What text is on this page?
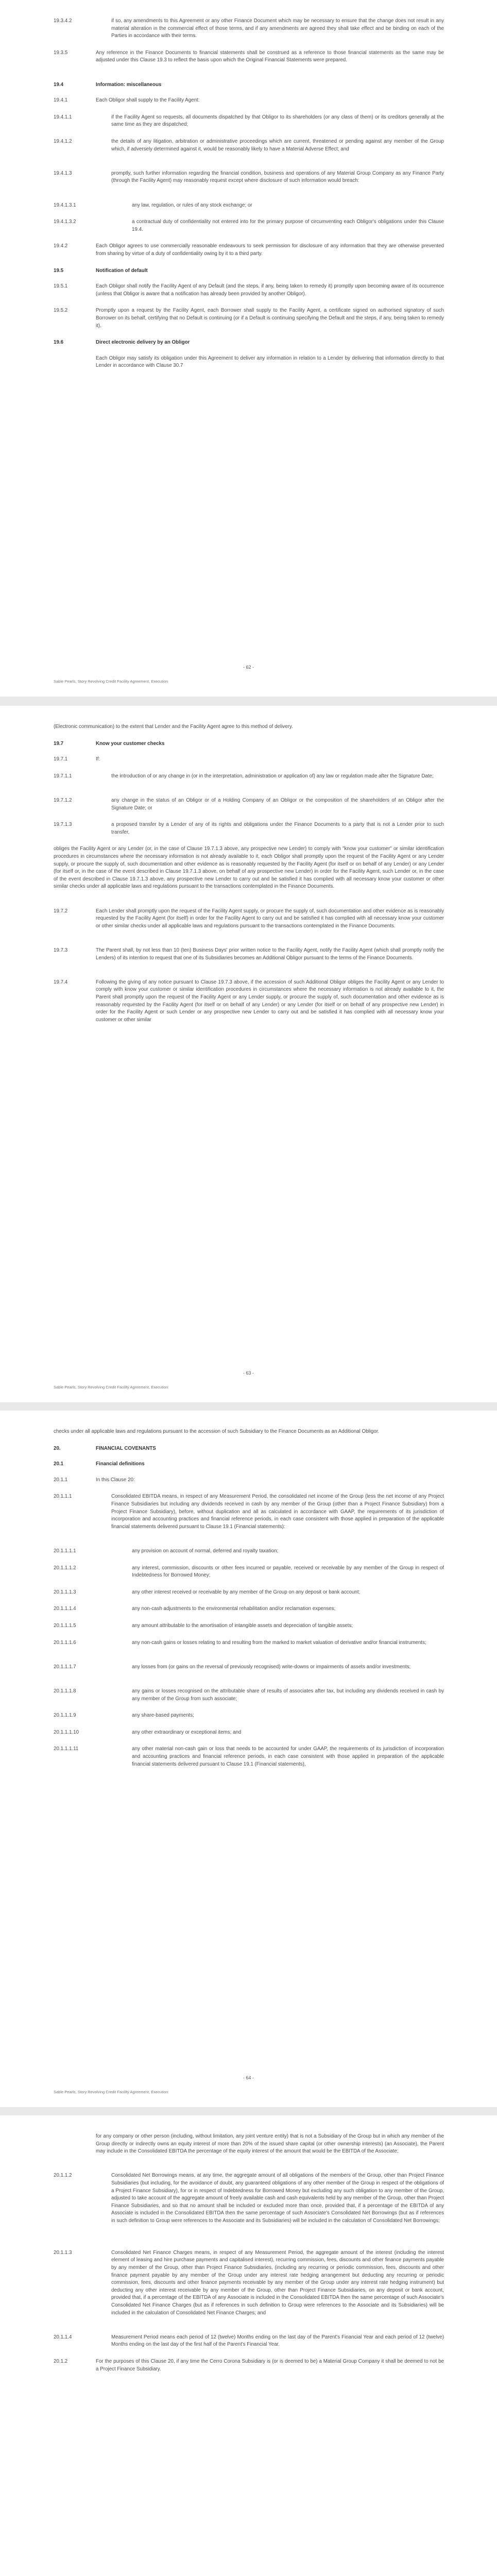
19.3.4.2	if so, any amendments to this Agreement or any other Finance Document which may be necessary to ensure that the change does not result in any material alteration in the commercial effect of those terms, and if any amendments are agreed they shall take effect and be binding on each of the Parties in accordance with their terms.
19.3.5	Any reference in the Finance Documents to financial statements shall be construed as a reference to those financial statements as the same may be adjusted under this Clause 19.3 to reflect the basis upon which the Original Financial Statements were prepared.
19.4	Information: miscellaneous
19.4.1	Each Obligor shall supply to the Facility Agent:
19.4.1.1	if the Facility Agent so requests, all documents dispatched by that Obligor to its shareholders (or any class of them) or its creditors generally at the same time as they are dispatched;
19.4.1.2	the details of any litigation, arbitration or administrative proceedings which are current, threatened or pending against any member of the Group which, if adversely determined against it, would be reasonably likely to have a Material Adverse Effect; and
19.4.1.3	promptly, such further information regarding the financial condition, business and operations of any Material Group Company as any Finance Party (through the Facility Agent) may reasonably request except where disclosure of such information would breach:
19.4.1.3.1	any law, regulation, or rules of any stock exchange; or
19.4.1.3.2	a contractual duty of confidentiality not entered into for the primary purpose of circumventing each Obligor's obligations under this Clause 19.4.
19.4.2	Each Obligor agrees to use commercially reasonable endeavours to seek permission for disclosure of any information that they are otherwise prevented from sharing by virtue of a duty of confidentiality owing by it to a third party.
19.5	Notification of default
19.5.1	Each Obligor shall notify the Facility Agent of any Default (and the steps, if any, being taken to remedy it) promptly upon becoming aware of its occurrence (unless that Obligor is aware that a notification has already been provided by another Obligor).
19.5.2	Promptly upon a request by the Facility Agent, each Borrower shall supply to the Facility Agent, a certificate signed on authorised signatory of such Borrower on its behalf, certifying that no Default is continuing (or if a Default is continuing specifying the Default and the steps, if any, being taken to remedy it).
19.6	Direct electronic delivery by an Obligor
Each Obligor may satisfy its obligation under this Agreement to deliver any information in relation to a Lender by delivering that information directly to that Lender in accordance with Clause 30.7
- 62 -
Sable Pearls, Story Revolving Credit Facility Agreement, Execution
(Electronic communication) to the extent that Lender and the Facility Agent agree to this method of delivery.
19.7	Know your customer checks
19.7.1	If:
19.7.1.1	the introduction of or any change in (or in the interpretation, administration or application of) any law or regulation made after the Signature Date;
19.7.1.2	any change in the status of an Obligor or of a Holding Company of an Obligor or the composition of the shareholders of an Obligor after the Signature Date; or
19.7.1.3	a proposed transfer by a Lender of any of its rights and obligations under the Finance Documents to a party that is not a Lender prior to such transfer,
obliges the Facility Agent or any Lender (or, in the case of Clause 19.7.1.3 above, any prospective new Lender) to comply with "know your customer" or similar identification procedures in circumstances where the necessary information is not already available to it, each Obligor shall promptly upon the request of the Facility Agent or any Lender supply, or procure the supply of, such documentation and other evidence as is reasonably requested by the Facility Agent (for itself or on behalf of any Lender) or any Lender (for itself or, in the case of the event described in Clause 19.7.1.3 above, on behalf of any prospective new Lender) in order for the Facility Agent, such Lender or, in the case of the event described in Clause 19.7.1.3 above, any prospective new Lender to carry out and be satisfied it has complied with all necessary know your customer or other similar checks under all applicable laws and regulations pursuant to the transactions contemplated in the Finance Documents.
19.7.2	Each Lender shall promptly upon the request of the Facility Agent supply, or procure the supply of, such documentation and other evidence as is reasonably requested by the Facility Agent (for itself) in order for the Facility Agent to carry out and be satisfied it has complied with all necessary know your customer or other similar checks under all applicable laws and regulations pursuant to the transactions contemplated in the Finance Documents.
19.7.3	The Parent shall, by not less than 10 (ten) Business Days' prior written notice to the Facility Agent, notify the Facility Agent (which shall promptly notify the Lenders) of its intention to request that one of its Subsidiaries becomes an Additional Obligor pursuant to the terms of the Finance Documents.
19.7.4	Following the giving of any notice pursuant to Clause 19.7.3 above, if the accession of such Additional Obligor obliges the Facility Agent or any Lender to comply with know your customer or similar identification procedures in circumstances where the necessary information is not already available to it, the Parent shall promptly upon the request of the Facility Agent or any Lender supply, or procure the supply of, such documentation and other evidence as is reasonably requested by the Facility Agent (for itself or on behalf of any Lender) or any Lender (for itself or on behalf of any prospective new Lender) in order for the Facility Agent or such Lender or any prospective new Lender to carry out and be satisfied it has complied with all necessary know your customer or other similar
- 63 -
Sable Pearls, Story Revolving Credit Facility Agreement, Execution
checks under all applicable laws and regulations pursuant to the accession of such Subsidiary to the Finance Documents as an Additional Obligor.
20.	FINANCIAL COVENANTS
20.1	Financial definitions
20.1.1	In this Clause 20:
20.1.1.1	Consolidated EBITDA means, in respect of any Measurement Period, the consolidated net income of the Group (less the net income of any Project Finance Subsidiaries but including any dividends received in cash by any member of the Group (other than a Project Finance Subsidiary) from a Project Finance Subsidiary), before, without duplication and all as calculated in accordance with GAAP, the requirements of its jurisdiction of incorporation and accounting practices and financial reference periods, in each case consistent with those applied in preparation of the applicable financial statements delivered pursuant to Clause 19.1 (Financial statements):
20.1.1.1.1	any provision on account of normal, deferred and royalty taxation;
20.1.1.1.2	any interest, commission, discounts or other fees incurred or payable, received or receivable by any member of the Group in respect of Indebtedness for Borrowed Money;
20.1.1.1.3	any other interest received or receivable by any member of the Group on any deposit or bank account;
20.1.1.1.4	any non-cash adjustments to the environmental rehabilitation and/or reclamation expenses;
20.1.1.1.5	any amount attributable to the amortisation of intangible assets and depreciation of tangible assets;
20.1.1.1.6	any non-cash gains or losses relating to and resulting from the marked to market valuation of derivative and/or financial instruments;
20.1.1.1.7	any losses from (or gains on the reversal of previously recognised) write-downs or impairments of assets and/or investments;
20.1.1.1.8	any gains or losses recognised on the attributable share of results of associates after tax, but including any dividends received in cash by any member of the Group from such associate;
20.1.1.1.9	any share-based payments;
20.1.1.1.10	any other extraordinary or exceptional items; and
20.1.1.1.11	any other material non-cash gain or loss that needs to be accounted for under GAAP, the requirements of its jurisdiction of incorporation and accounting practices and financial reference periods, in each case consistent with those applied in preparation of the applicable financial statements delivered pursuant to Clause 19.1 (Financial statements),
- 64 -
Sable Pearls, Story Revolving Credit Facility Agreement, Execution
for any company or other person (including, without limitation, any joint venture entity) that is not a Subsidiary of the Group but in which any member of the Group directly or indirectly owns an equity interest of more than 20% of the issued share capital (or other ownership interests) (an Associate), the Parent may include in the Consolidated EBITDA the percentage of the equity interest of the amount that would be the EBITDA of the Associate;
20.1.1.2	Consolidated Net Borrowings means, at any time, the aggregate amount of all obligations of the members of the Group, other than Project Finance Subsidiaries (but including, for the avoidance of doubt, any guaranteed obligations of any other member of the Group in respect of the obligations of a Project Finance Subsidiary), for or in respect of Indebtedness for Borrowed Money but excluding any such obligation to any member of the Group, adjusted to take account of the aggregate amount of freely available cash and cash equivalents held by any member of the Group, other than Project Finance Subsidiaries, and so that no amount shall be included or excluded more than once, provided that, if a percentage of the EBITDA of any Associate is included in the Consolidated EBITDA then the same percentage of such Associate's Consolidated Net Borrowings (but as if references in such definition to Group were references to the Associate and its Subsidiaries) will be included in the calculation of Consolidated Net Borrowings;
20.1.1.3	Consolidated Net Finance Charges means, in respect of any Measurement Period, the aggregate amount of the interest (including the interest element of leasing and hire purchase payments and capitalised interest), recurring commission, fees, discounts and other finance payments payable by any member of the Group, other than Project Finance Subsidiaries, (including any recurring or periodic commission, fees, discounts and other finance payment payable by any member of the Group under any interest rate hedging arrangement but deducting any recurring or periodic commission, fees, discounts and other finance payments receivable by any member of the Group under any interest rate hedging instrument) but deducting any other interest receivable by any member of the Group, other than Project Finance Subsidiaries, on any deposit or bank account, provided that, if a percentage of the EBITDA of any Associate is included in the Consolidated EBITDA then the same percentage of such Associate's Consolidated Net Finance Charges (but as if references in such definition to Group were references to the Associate and its Subsidiaries) will be included in the calculation of Consolidated Net Finance Charges; and
20.1.1.4	Measurement Period means each period of 12 (twelve) Months ending on the last day of the Parent's Financial Year and each period of 12 (twelve) Months ending on the last day of the first half of the Parent's Financial Year.
20.1.2	For the purposes of this Clause 20, if any time the Cerro Corona Subsidiary is (or is deemed to be) a Material Group Company it shall be deemed to not be a Project Finance Subsidiary.
